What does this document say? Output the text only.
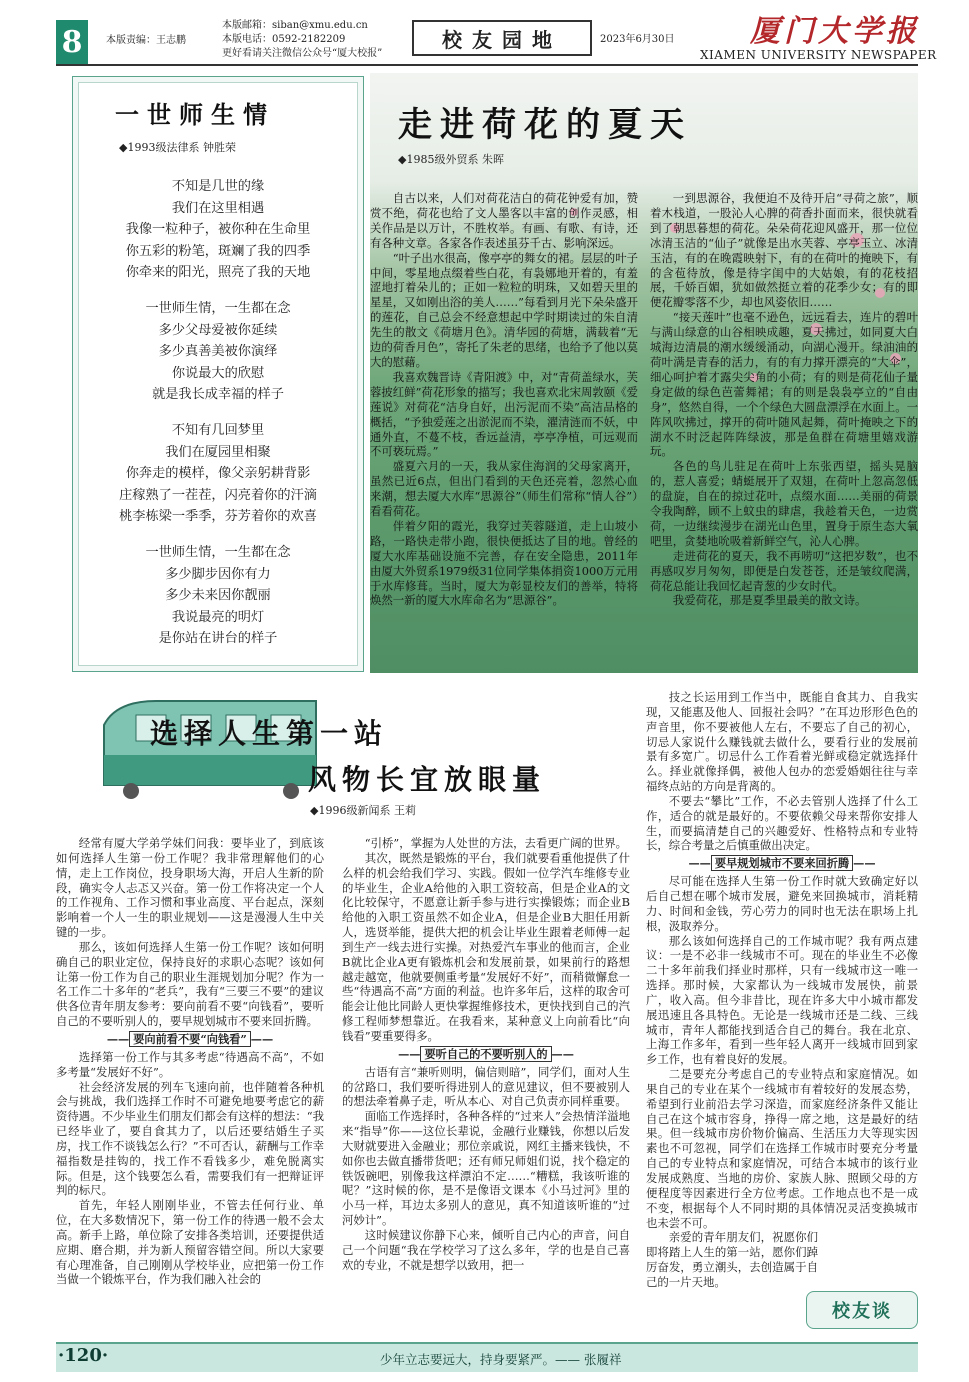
8	本版责编：王志鹏
本版邮箱：siban@xmu.edu.cn
本版电话：0592-2182209
更好看请关注微信公众号“厦大校报”
校友园地	2023年6月30日	厦门大学报
XIAMEN UNIVERSITY NEWSPAPER
一世师生情
◆1993级法律系 钟胜荣
不知是几世的缘
我们在这里相遇
我像一粒种子，被你种在生命里
你五彩的粉笔，斑斓了我的四季
你牵来的阳光，照亮了我的天地
一世师生情，一生都在念
多少父母爱被你延续
多少真善美被你演绎
你说最大的欣慰
就是我长成幸福的样子
不知有几回梦里
我们在厦园里相聚
你奔走的模样，像父亲躬耕背影
庄稼熟了一茬茬，闪亮着你的汗滴
桃李栋梁一季季，芬芳着你的欢喜
一世师生情，一生都在念
多少脚步因你有力
多少未来因你靓丽
我说最亮的明灯
是你站在讲台的样子
走进荷花的夏天
◆1985级外贸系 朱晖

自古以来，人们对荷花洁白的荷花钟爱有加，赞赏不绝，荷花也给了文人墨客以丰富的创作灵感，相关作品是以万计，不胜枚举。有画、有歌、有诗，还有各种文章。各家各作表述虽芬千古、影响深远。

“叶子出水很高，像亭亭的舞女的裙。层层的叶子中间，零星地点缀着些白花，有袅娜地开着的，有羞涩地打着朵儿的；正如一粒粒的明珠，又如碧天里的星星，又如刚出浴的美人……”每看到月光下朵朵盛开的莲花，自己总会不经意想起中学时期读过的朱自清先生的散文《荷塘月色》。清华园的荷塘，满载着“无边的荷香月色”，寄托了朱老的思绪，也给予了他以莫大的慰藉。

我喜欢魏晋诗《青阳渡》中，对“青荷盖绿水，芙蓉披红鲜”荷花形象的描写；我也喜欢北宋周敦颐《爱莲说》对荷花“洁身自好，出污泥而不染”高洁品格的概括，“予独爱莲之出淤泥而不染，濯清涟而不妖，中通外直，不蔓不枝，香远益清，亭亭净植，可远观而不可亵玩焉。”

盛夏六月的一天，我从家住海润的父母家离开，虽然已近6点，但出门看到的天色还亮着，忽然心血来潮，想去厦大水库“思源谷”（师生们常称“情人谷”）看看荷花。

伴着夕阳的霞光，我穿过芙蓉隧道，走上山坡小路，一路快走带小跑，很快便抵达了目的地。曾经的厦大水库基础设施不完善，存在安全隐患，2011年由厦大外贸系1979级31位同学集体捐资1000万元用于水库修葺。当时，厦大为彰显校友们的善举，特将焕然一新的厦大水库命名为“思源谷”。

一到思源谷，我便迫不及待开启“寻荷之旅”，顺着木栈道，一股沁人心脾的荷香扑面而来，很快就看到了朝思暮想的荷花。朵朵荷花迎风盛开，那一位位冰清玉洁的“仙子”就像是出水芙蓉、亭亭玉立、冰清玉洁，有的在晚霞映射下，有的在荷叶的掩映下，有的含苞待放，像是待字闺中的大姑娘，有的花枝招展，千娇百媚，犹如做然挺立着的花季少女；有的即便花瓣零落不少，却也风姿依旧……

“接天莲叶”也毫不逊色，远远看去，连片的碧叶与满山绿意的山谷相映成趣，夏天拂过，如同夏大白城海边清晨的潮水缓缓涌动，向湖心漫开。绿油油的荷叶满是青春的活力，有的有力撑开漂亮的“大伞”，细心呵护着才露尖尖角的小荷；有的则是荷花仙子量身定做的绿色芭蕾舞裙；有的则是袅袅亭立的“自由身”，悠然自得，一个个绿色大圆盘漂浮在水面上。一阵风吹拂过，撑开的荷叶随风起舞，荷叶掩映之下的湖水不时泛起阵阵绿波，那是鱼群在荷塘里嬉戏游玩。

各色的鸟儿驻足在荷叶上东张西望，摇头晃脑的，惹人喜爱；蜻蜓展开了双翅，在荷叶上忽高忽低的盘旋，自在的掠过花叶，点缀水面……美丽的荷景令我陶醉，顾不上蚊虫的肆虐，我趁着天色，一边赏荷，一边继续漫步在湖光山色里，置身于原生态大氧吧里，贪婪地吮吸着新鲜空气，沁人心脾。

走进荷花的夏天，我不再唠叨“这把岁数”，也不再感叹岁月匆匆，即便是白发苍苍，还是皱纹爬满，荷花总能让我回忆起青葱的少女时代。

我爱荷花，那是夏季里最美的散文诗。

选择人生第一站
风物长宜放眼量
◆1996级新闻系 王莉

经常有厦大学弟学妹们问我：要毕业了，到底该如何选择人生第一份工作呢？我非常理解他们的心情，走上工作岗位，投身职场大海，开启人生新的阶段，确实令人忐忑又兴奋。第一份工作将决定一个人的工作视角、工作习惯和事业高度、平台起点，深刻影响着一个人一生的职业规划——这是漫漫人生中关键的一步。

那么，该如何选择人生第一份工作呢？该如何明确自己的职业定位，保持良好的求职心态呢？该如何让第一份工作为自己的职业生涯规划加分呢？作为一名工作二十多年的“老兵”，我有“三要三不要”的建议供各位青年朋友参考：要向前看不要“向钱看”，要听自己的不要听别人的，要早规划城市不要来回折腾。

—— 要向前看不要“向钱看” ——

选择第一份工作与其多考虑“待遇高不高”，不如多考量“发展好不好”。

社会经济发展的列车飞速向前，也伴随着各种机会与挑战，我们选择工作时不可避免地要考虑它的薪资待遇。不少毕业生们朋友们都会有这样的想法：“我已经毕业了，要自食其力了，以后还要结婚生子买房，找工作不谈钱怎么行？”不可否认，薪酬与工作幸福指数是挂钩的，找工作不看钱多少，难免脱离实际。但是，这个钱要怎么看，需要我们有一把辩证评判的标尺。

首先，年轻人刚刚毕业，不管去任何行业、单位，在大多数情况下，第一份工作的待遇一般不会太高。新手上路，单位除了安排各类培训，还要提供适应期、磨合期，并为新人预留容错空间。所以大家要有心理准备，自己刚刚从学校毕业，应把第一份工作当做一个锻炼平台，作为我们融入社会的

“引桥”，掌握为人处世的方法，去看更广阔的世界。

其次，既然是锻炼的平台，我们就要看重他提供了什么样的机会给我们学习、实践。假如一位学汽车维修专业的毕业生，企业A给他的入职工资较高，但是企业A的文化比较保守，不愿意让新手参与进行实操锻炼；而企业B给他的入职工资虽然不如企业A，但是企业B大胆任用新人，选贤举能，提供大把的机会让毕业生跟着老师傅一起到生产一线去进行实操。对热爱汽车事业的他而言，企业B就比企业A更有锻炼机会和发展前景，如果前行的路想越走越宽，他就要侧重考量“发展好不好”，而稍微懈怠一些“待遇高不高”方面的利益。也许多年后，这样的取舍可能会让他比同龄人更快掌握维修技术，更快找到自己的汽修工程师梦想靠近。在我看来，某种意义上向前看比“向钱看”要重要得多。

—— 要听自己的不要听别人的 ——

古语有言“兼听则明，偏信则暗”，同学们，面对人生的岔路口，我们要听得进别人的意见建议，但不要被别人的想法牵着鼻子走，听从本心、对自己负责亦同样重要。

面临工作选择时，各种各样的“过来人”会热情洋溢地来“指导”你——这位长辈说，金融行业赚钱，你想以后发大财就要进入金融业；那位亲戚说，网红主播来钱快，不如你也去做直播带货吧；还有师兄师姐们说，找个稳定的铁饭碗吧，别像我这样漂泊不定……“糟糕，我该听谁的呢？”这时候的你，是不是像语文课本《小马过河》里的小马一样，耳边太多别人的意见，真不知道该听谁的“过河妙计”。

这时候建议你静下心来，倾听自己内心的声音，问自己一个问题“我在学校学习了这么多年，学的也是自己喜欢的专业，不就是想学以致用，把一

技之长运用到工作当中，既能自食其力、自我实现，又能惠及他人、回报社会吗？”在耳边形形色色的声音里，你不要被他人左右，不要忘了自己的初心，切忌人家说什么赚钱就去做什么，要看行业的发展前景有多宽广。切忌什么工作看着光鲜或稳定就选择什么。择业就像择偶，被他人包办的恋爱婚姻往往与幸福终点站的方向是背离的。

不要去“攀比”工作，不必去管别人选择了什么工作，适合的就是最好的。不要依赖父母来帮你安排人生，而要搞清楚自己的兴趣爱好、性格特点和专业特长，综合考量之后慎重做出决定。

—— 要早规划城市不要来回折腾 ——

尽可能在选择人生第一份工作时就大致确定好以后自己想在哪个城市发展，避免来回换城市，消耗精力、时间和金钱，劳心劳力的同时也无法在职场上扎根，汲取养分。

那么该如何选择自己的工作城市呢？我有两点建议：一是不必非一线城市不可。现在的毕业生不必像二十多年前我们择业时那样，只有一线城市这一唯一选择。那时候，大家都认为一线城市发展快，前景广，收入高。但今非昔比，现在许多大中小城市都发展迅速且各具特色。无论是一线城市还是二线、三线城市，青年人都能找到适合自己的舞台。我在北京、上海工作多年，看到一些年轻人离开一线城市回到家乡工作，也有着良好的发展。

二是要充分考虑自己的专业特点和家庭情况。如果自己的专业在某个一线城市有着较好的发展态势，希望到行业前沿去学习深造，而家庭经济条件又能让自己在这个城市容身，挣得一席之地，这是最好的结果。但一线城市房价物价偏高、生活压力大等现实因素也不可忽视，同学们在选择工作城市时要充分考量自己的专业特点和家庭情况，可结合本城市的该行业发展成熟度、当地的房价、家族人脉、照顾父母的方便程度等因素进行全方位考虑。工作地点也不是一成不变，根据每个人不同时期的具体情况灵活变换城市也未尝不可。

亲爱的青年朋友们，祝愿你们即将踏上人生的第一站，愿你们踔厉奋发，勇立潮头，去创造属于自己的一片天地。

校友谈
·120·	少年立志要远大，持身要紧严。—— 张履祥
